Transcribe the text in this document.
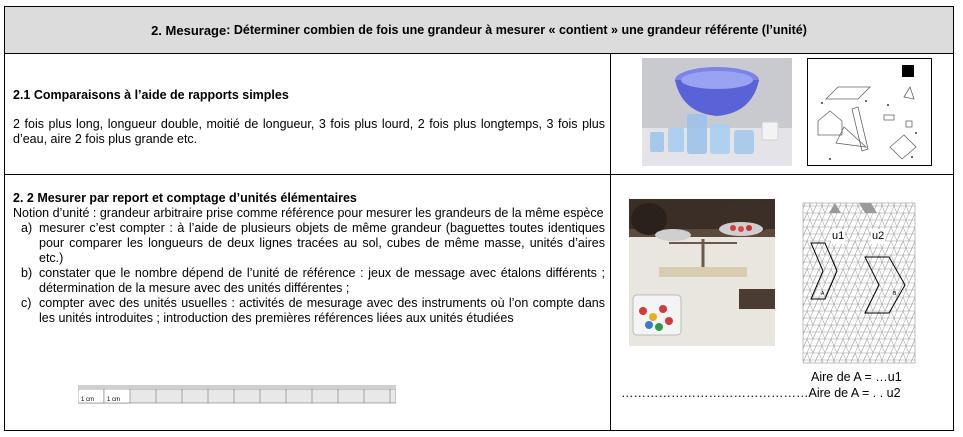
2. Mesurage : Déterminer combien de fois une grandeur à mesurer « contient » une grandeur référente (l’unité)
2.1 Comparaisons à l’aide de rapports simples
2 fois plus long, longueur double, moitié de longueur, 3 fois plus lourd, 2 fois plus longtemps, 3 fois plus d’eau, aire 2 fois plus grande etc.
2. 2 Mesurer par report et comptage d’unités élémentaires
Notion d’unité : grandeur arbitraire prise comme référence pour mesurer les grandeurs de la même espèce
a) mesurer c’est compter : à l’aide de plusieurs objets de même grandeur (baguettes toutes identiques pour comparer les longueurs de deux lignes tracées au sol, cubes de même masse, unités d’aires etc.)
b) constater que le nombre dépend de l’unité de référence : jeux de message avec étalons différents ; détermination de la mesure avec des unités différentes ;
c) compter avec des unités usuelles : activités de mesurage avec des instruments où l’on compte dans les unités introduites ; introduction des premières références liées aux unités étudiées
A	B
u1	u2
Aire de A = …u1
………………………………………Aire de A = . . u2
1 cm 1 cm
